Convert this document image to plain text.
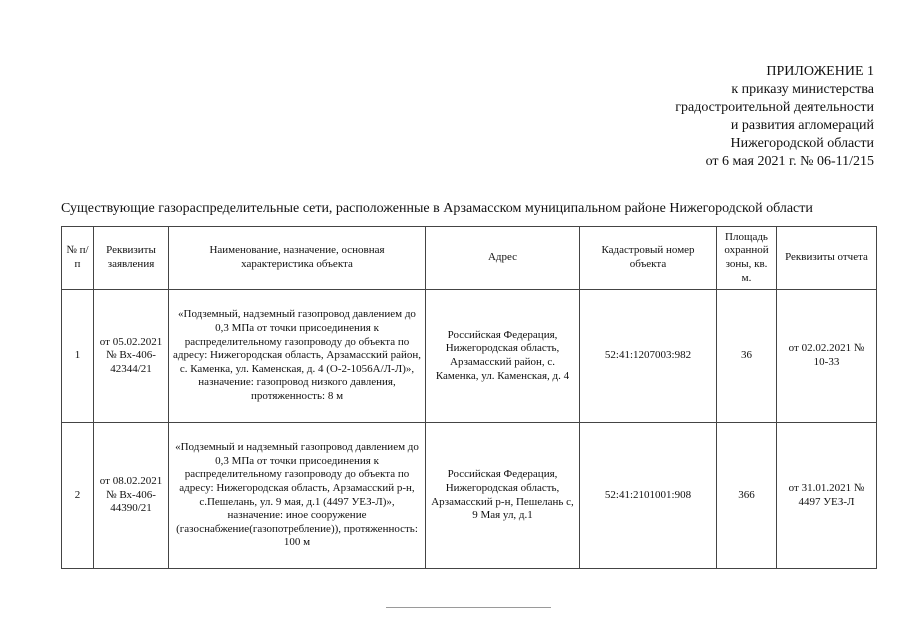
ПРИЛОЖЕНИЕ 1
к приказу министерства
градостроительной деятельности
и развития агломераций
Нижегородской области
от 6 мая 2021 г. № 06-11/215
Существующие газораспределительные сети, расположенные в Арзамасском муниципальном районе Нижегородской области
№ п/п	Реквизиты заявления	Наименование, назначение, основная характеристика объекта	Адрес	Кадастровый номер объекта	Площадь охранной зоны, кв. м.	Реквизиты отчета
1	от 05.02.2021 № Вх-406-42344/21	«Подземный, надземный газопровод давлением до 0,3 МПа от точки присоединения к распределительному газопроводу до объекта по адресу: Нижегородская область, Арзамасский район, с. Каменка, ул. Каменская, д. 4 (О-2-1056А/Л-Л)», назначение: газопровод низкого давления, протяженность: 8 м	Российская Федерация, Нижегородская область, Арзамасский район, с. Каменка, ул. Каменская, д. 4	52:41:1207003:982	36	от 02.02.2021 № 10-33
2	от 08.02.2021 № Вх-406-44390/21	«Подземный и надземный газопровод давлением до 0,3 МПа от точки присоединения к распределительному газопроводу до объекта по адресу: Нижегородская область, Арзамасский р-н, с.Пешелань, ул. 9 мая, д.1 (4497 УЕЗ-Л)», назначение: иное сооружение (газоснабжение(газопотребление)), протяженность: 100 м	Российская Федерация, Нижегородская область, Арзамасский р-н, Пешелань с, 9 Мая ул, д.1	52:41:2101001:908	366	от 31.01.2021 № 4497 УЕЗ-Л
